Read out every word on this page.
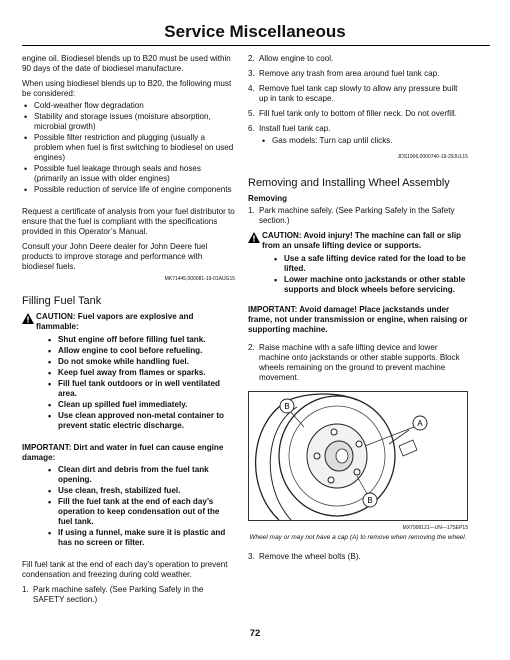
Service Miscellaneous

engine oil. Biodiesel blends up to B20 must be used within 90 days of the date of biodiesel manufacture.

When using biodiesel blends up to B20, the following must be considered:

• Cold-weather flow degradation
• Stability and storage issues (moisture absorption, microbial growth)
• Possible filter restriction and plugging (usually a problem when fuel is first switching to biodiesel on used engines)
• Possible fuel leakage through seals and hoses (primarily an issue with older engines)
• Possible reduction of service life of engine components

Request a certificate of analysis from your fuel distributor to ensure that the fuel is compliant with the specifications provided in this Operator’s Manual.

Consult your John Deere dealer for John Deere fuel products to improve storage and performance with biodiesel fuels.

MK71445,000081-19-01AUG15
Filling Fuel Tank
CAUTION: Fuel vapors are explosive and flammable:
• Shut engine off before filling fuel tank.
• Allow engine to cool before refueling.
• Do not smoke while handling fuel.
• Keep fuel away from flames or sparks.
• Fill fuel tank outdoors or in well ventilated area.
• Clean up spilled fuel immediately.
• Use clean approved non-metal container to prevent static electric discharge.
IMPORTANT: Dirt and water in fuel can cause engine damage:
• Clean dirt and debris from the fuel tank opening.
• Use clean, fresh, stabilized fuel.
• Fill the fuel tank at the end of each day’s operation to keep condensation out of the fuel tank.
• If using a funnel, make sure it is plastic and has no screen or filter.

Fill fuel tank at the end of each day’s operation to prevent condensation and freezing during cold weather.

1. Park machine safely. (See Parking Safely in the SAFETY section.)
2. Allow engine to cool.
3. Remove any trash from area around fuel tank cap.
4. Remove fuel tank cap slowly to allow any pressure built up in tank to escape.
5. Fill fuel tank only to bottom of filler neck. Do not overfill.
6. Install fuel tank cap.
• Gas models: Turn cap until clicks.
JDS1906,0000740-19-29JUL15
Removing and Installing Wheel Assembly
Removing
1. Park machine safely. (See Parking Safely in the Safety section.)
CAUTION: Avoid injury! The machine can fall or slip from an unsafe lifting device or supports.
• Use a safe lifting device rated for the load to be lifted.
• Lower machine onto jackstands or other stable supports and block wheels before servicing.
IMPORTANT: Avoid damage! Place jackstands under frame, not under transmission or engine, when raising or supporting machine.
2. Raise machine with a safe lifting device and lower machine onto jackstands or other stable supports. Block wheels remaining on the ground to prevent machine movement.
B
A
B
MX7999121—UN—17SEP15
Wheel may or may not have a cap (A) to remove when removing the wheel.
3. Remove the wheel bolts (B).
72
